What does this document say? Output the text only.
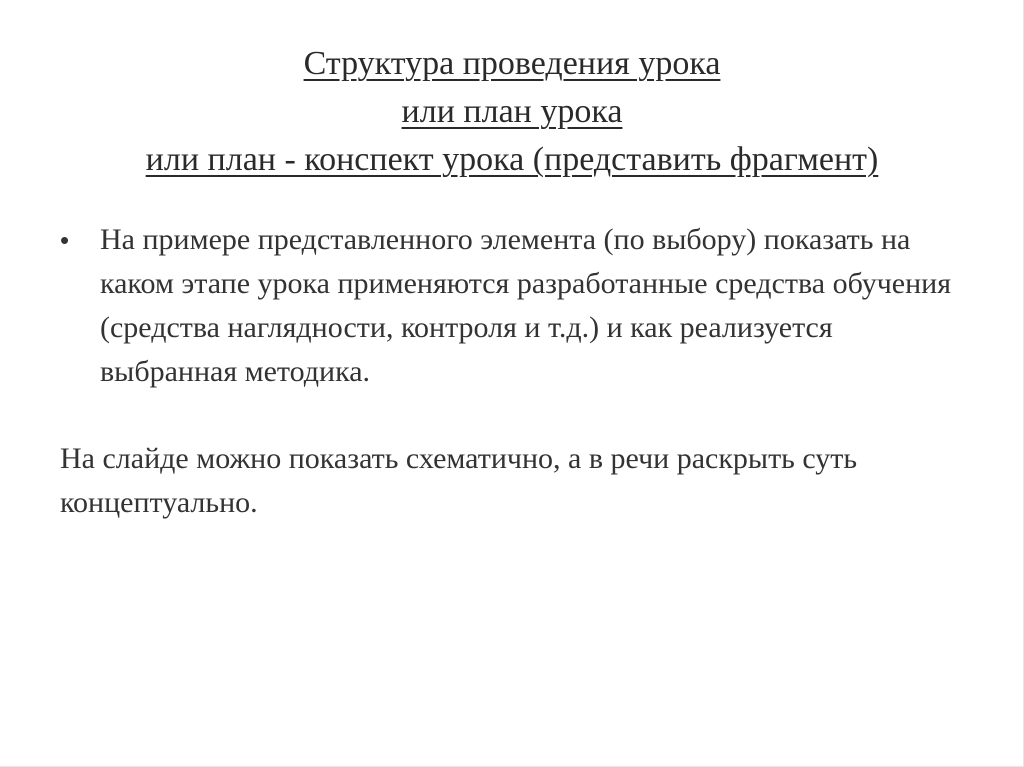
Структура проведения урока
или план урока
или план - конспект урока (представить фрагмент)
• На примере представленного элемента (по выбору) показать на каком этапе урока применяются разработанные средства обучения (средства наглядности, контроля и т.д.) и как реализуется выбранная методика.
На слайде можно показать схематично, а в речи раскрыть суть концептуально.
